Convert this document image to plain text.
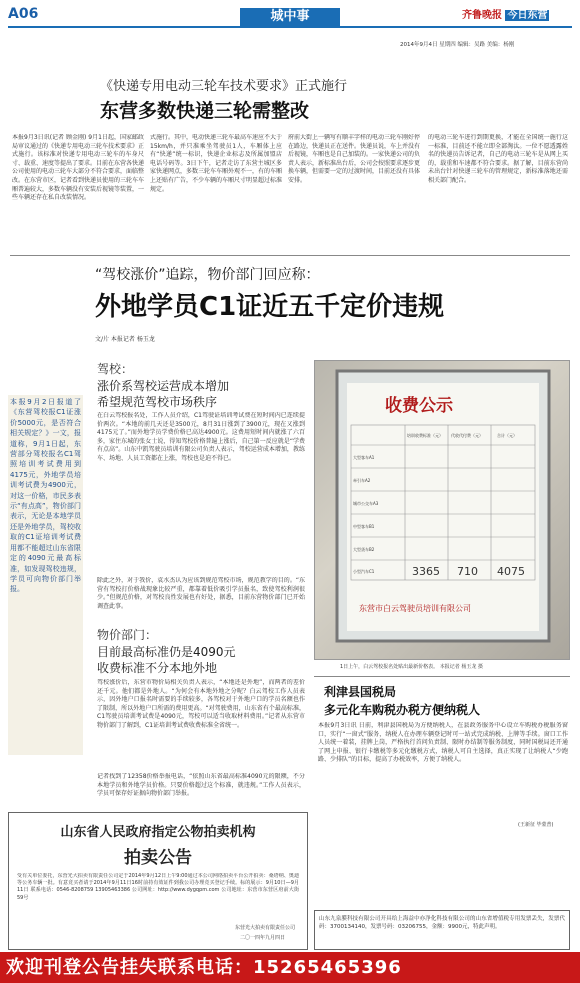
A06	城中事	齐鲁晚报 今日东营
2014年9月4日 星期四 编辑：吴路 美编：杨刚
《快递专用电动三轮车技术要求》正式施行
东营多数快递三轮需整改
本报9月3日讯(记者 顾金刚) 9月1日起，国家邮政局审议通过的《快递专用电动三轮车技术要求》正式施行。该标准对快递专用电动三轮车的车身尺寸、载重、速度等提出了要求。目前在东营各快递公司使用的电动三轮车大部分不符合要求，面临整改。在东营市区，记者看到快递员使用的三轮车车厢普遍较大，多数车辆没有安装后视镜等装置，一些车辆还存在私自改装情况。
式施行。其中，电动快递三轮车最高车速应不大于15km/h，并只准乘坐驾驶员1人，车厢体上应有“快递”统一标识，快递企业标志及所属加盟店电话号码等。3日下午，记者走访了东营主城区多家快递网点，多数三轮车车厢外观不一，有的车厢上还贴有广告，不少车辆的车厢尺寸明显超过标准规定。
府前大街上一辆写有顺丰字样的电动三轮车刚好停在路边，快递员正在送件。快递员说，车上并没有后视镜，车厢也是自己加装的。一家快递公司的负责人表示，新标准出台后，公司会按照要求逐步更换车辆，但需要一定的过渡时间，目前还没有具体安排。
的电动三轮车进行到期更换，才能在全国统一施行这一标准，目前还不能立即全部淘汰。一位不愿透露姓名的快递员告诉记者，自己的电动三轮车是从网上买的，载重和车速都不符合要求。据了解，目前东营尚未出台针对快递三轮车的管理规定，新标准落地还需相关部门配合。
“驾校涨价”追踪，物价部门回应称：
外地学员C1证近五千定价违规
文/片 本报记者 杨玉龙
本报9月2日报道了《东营驾校报C1证涨价5000元，是否符合相关规定？》一文，报道称，9月1日起，东营部分驾校报名C1驾照培训考试费用到4175元，外地学员培训考试费为4900元，对这一价格，市民多表示“有点高”，物价部门表示，无论是本地学员还是外地学员，驾校收取的C1证培训考试费用都不能超过山东省限定的4090元最高标准，如发现驾校违规，学员可向物价部门举报。
驾校：
涨价系驾校运营成本增加
希望规范驾校市场秩序
在白云驾校报名处，工作人员介绍，C1驾驶证培训考试费在短时间内已连续提价两次。“本地的前几天还是3500元，8月31日涨到了3900元，现在又涨到4175元了。”而外地学员学费价格已高达4900元。这费用短时间内就涨了六百多，家住东城的张女士说，得知驾校价格普遍上涨后，自己第一反应就是“学费有点高”。山东中凯驾驶员培训有限公司负责人表示，驾校运营成本增加，教练车、场地、人员工资都在上涨，驾校也是迫不得已。
除此之外，对于我价，袁水杰认为应该到规范驾校市场，规范教学的目的。“东营有驾校打价格战现象比较严重，都靠着低价吸引学员报名，致使驾校利润很少。”但规范价格，对驾校良性发展也有好处，据悉，目前东营物价部门已开始调查此事。
物价部门：
目前最高标准仍是4090元
收费标准不分本地外地
驾校涨价后，东营市物价局相关负责人表示，“本地还是外地”，而两者的差价还千元。他们都是外地人。“为何会有本地外地之分呢？白云驾校工作人员表示，因外地户口报名时需要的手续较多，各驾校对于外地户口的学员名额也作了限制，所以外地户口所需的费用更高。“对驾驶费用，山东省有个最高标准，C1驾驶员培训考试费是4090元，驾校可以适当收取材料费用。”记者从东营市物价部门了解到，C1证培训考试费收费标准全省统一。
记者找到了12358价格举报电话，“依照山东省最高标准4090元的限额，不分本地学员和外地学员价格。只要价格超过这个标准，就违规。”工作人员表示，学员可保存好证据向物价部门举报。
收费公示
培训收费标准（元） 代收代付费（元）	合计（元）
大型客车A1
牵引车A2
城市公交车A3
中型客车B1
大型货车B2
小型汽车C1	3365 710 4075
东营市白云驾驶员培训有限公司
1日上午，白云驾校报名处贴出最新价格表。 本报记者 杨玉龙 摄
利津县国税局
多元化车购税办税方便纳税人
本报9月3日讯 日前，利津县国税局为方便纳税人，在县政务服务中心设立车购税办税服务窗口，实行“一窗式”服务，纳税人在办理车辆登记时可一站式完成纳税、上牌等手续。窗口工作人员统一着装，挂牌上岗，严格执行首问负责制、限时办结制等服务制度，同时国税局还开通了网上申报、银行卡缴税等多元化缴税方式，纳税人可自主选择，真正实现了让纳税人“少跑路、少排队”的目标，提高了办税效率，方便了纳税人。
(王新征 毕蒙普)
山东省人民政府指定公物拍卖机构
拍卖公告
受有关单位委托，东营光大拍卖有限责任公司定于2014年9月12日上午9:00通过本公司网络拍卖平台公开拍卖：桑塔纳、奥迪等公务车辆一批。有意竞买者请于2014年9月11日16时前持有效证件到我公司办理竞买登记手续。标的展示：9月10日—9月11日 联系电话：0546-8208759 13905463386 公司网址：http://www.dygqpm.com 公司地址：东营市东营区府前大街59号
东营光大拍卖有限责任公司
二〇一四年九月四日
山东九泉膜科技有限公司开具给上海益中亦净化科技有限公司的山东省增值税专用发票丢失，发票代码：3700134140，发票号码：03206755，金额：9900元，特此声明。
欢迎刊登公告挂失联系电话：15265465396
